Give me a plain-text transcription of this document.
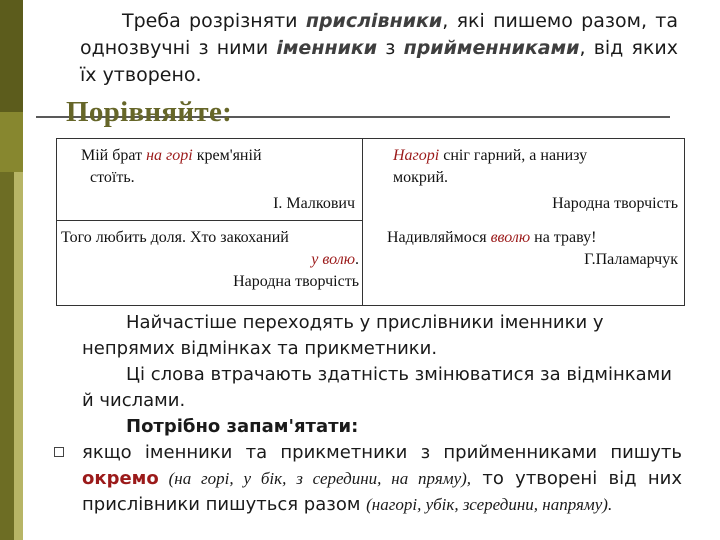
Треба розрізняти прислівники, які пишемо разом, та однозвучні з ними іменники з прийменниками, від яких їх утворено.
Порівняйте:
Мій брат на горі крем'яній
стоїть.
І. Малкович
Нагорі сніг гарний, а нанизу
мокрий.
Народна творчість
Того любить доля. Хто закоханий
у волю.
Народна творчість
Надивляймося вволю на траву!
Г.Паламарчук
Найчастіше переходять у прислівники іменники у непрямих відмінках та прикметники.
Ці слова втрачають здатність змінюватися за відмінками й числами.
Потрібно запам'ятати:
якщо іменники та прикметники з прийменниками пишуть окремо (на горі, у бік, з середини, на пряму), то утворені від них прислівники пишуться разом (нагорі, убік, зсередини, напряму).
